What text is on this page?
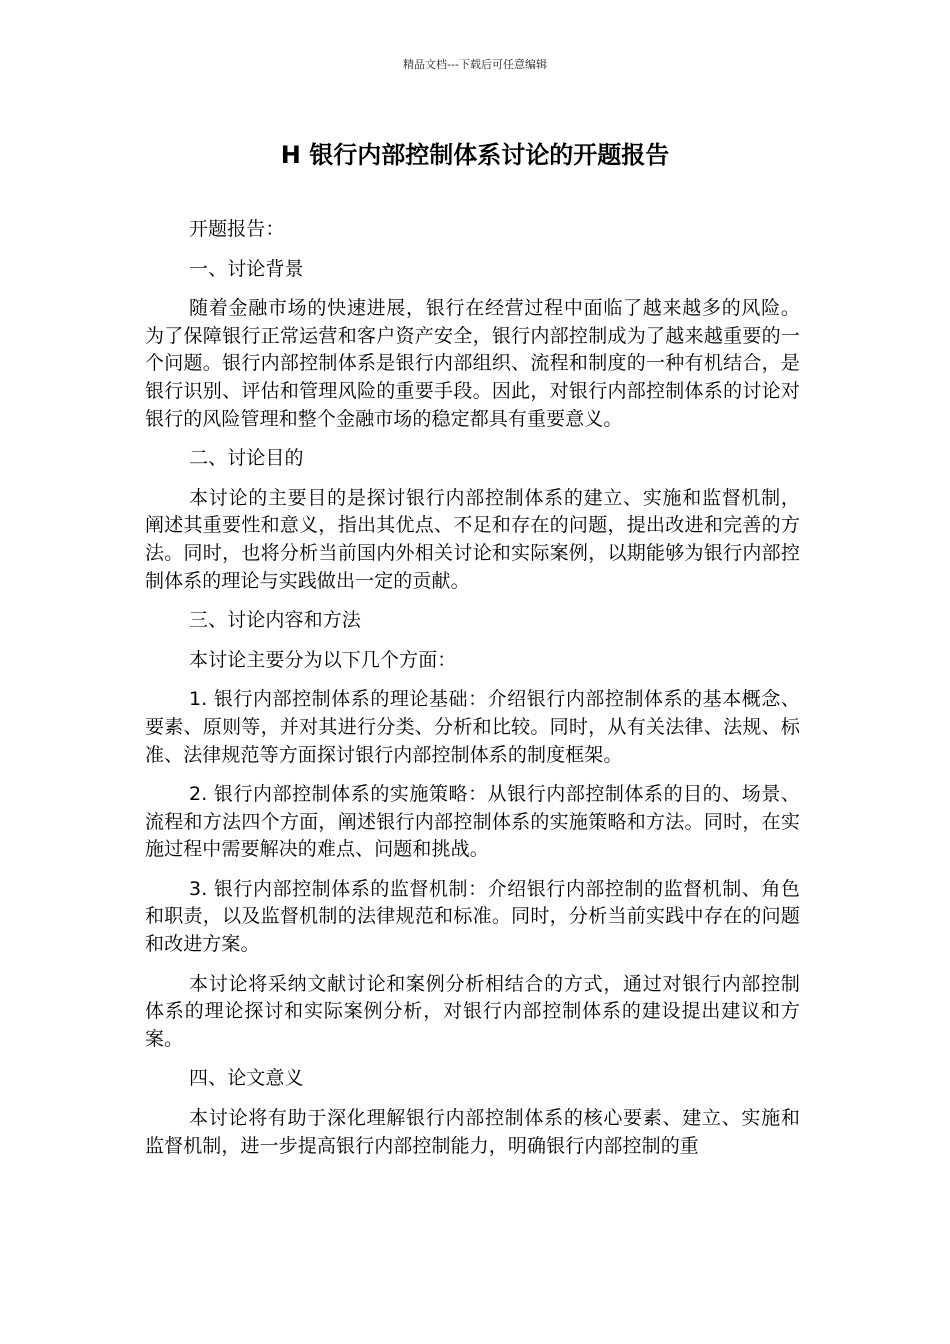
精品文档---下载后可任意编辑
H 银行内部控制体系讨论的开题报告

开题报告：

一、讨论背景

随着金融市场的快速进展，银行在经营过程中面临了越来越多的风险。为了保障银行正常运营和客户资产安全，银行内部控制成为了越来越重要的一个问题。银行内部控制体系是银行内部组织、流程和制度的一种有机结合，是银行识别、评估和管理风险的重要手段。因此，对银行内部控制体系的讨论对银行的风险管理和整个金融市场的稳定都具有重要意义。

二、讨论目的

本讨论的主要目的是探讨银行内部控制体系的建立、实施和监督机制，阐述其重要性和意义，指出其优点、不足和存在的问题，提出改进和完善的方法。同时，也将分析当前国内外相关讨论和实际案例，以期能够为银行内部控制体系的理论与实践做出一定的贡献。

三、讨论内容和方法

本讨论主要分为以下几个方面：

1. 银行内部控制体系的理论基础：介绍银行内部控制体系的基本概念、要素、原则等，并对其进行分类、分析和比较。同时，从有关法律、法规、标准、法律规范等方面探讨银行内部控制体系的制度框架。

2. 银行内部控制体系的实施策略：从银行内部控制体系的目的、场景、流程和方法四个方面，阐述银行内部控制体系的实施策略和方法。同时，在实施过程中需要解决的难点、问题和挑战。

3. 银行内部控制体系的监督机制：介绍银行内部控制的监督机制、角色和职责，以及监督机制的法律规范和标准。同时，分析当前实践中存在的问题和改进方案。

本讨论将采纳文献讨论和案例分析相结合的方式，通过对银行内部控制体系的理论探讨和实际案例分析，对银行内部控制体系的建设提出建议和方案。

四、论文意义

本讨论将有助于深化理解银行内部控制体系的核心要素、建立、实施和监督机制，进一步提高银行内部控制能力，明确银行内部控制的重
